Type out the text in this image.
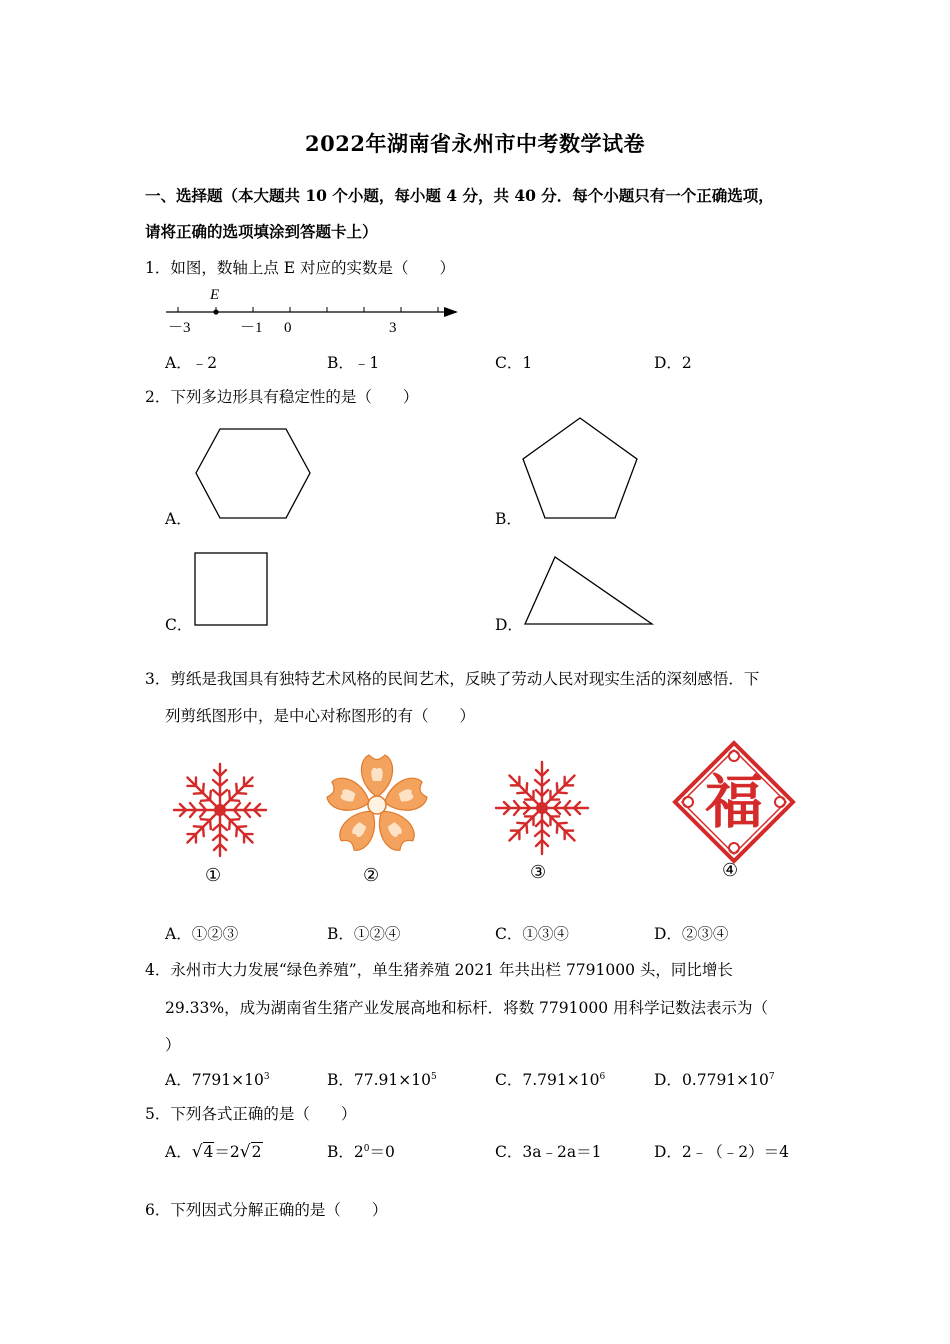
2022年湖南省永州市中考数学试卷
一、选择题（本大题共 10 个小题，每小题 4 分，共 40 分．每个小题只有一个正确选项，
请将正确的选项填涂到答题卡上）
1．如图，数轴上点 E 对应的实数是（　　）
E
－3	－1 0	3
A．﹣2	B．﹣1	C．1	D．2
2．下列多边形具有稳定性的是（　　）
A．	B．
C．	D．
3．剪纸是我国具有独特艺术风格的民间艺术，反映了劳动人民对现实生活的深刻感悟．下
列剪纸图形中，是中心对称图形的有（　　）
①	②	③
福
④
A．①②③	B．①②④	C．①③④	D．②③④
4．永州市大力发展“绿色养殖”，单生猪养殖 2021 年共出栏 7791000 头，同比增长
29.33%，成为湖南省生猪产业发展高地和标杆．将数 7791000 用科学记数法表示为（
）
A．$7791\times 10^3$	B．$77.91\times 10^5$	C．$7.791\times 10^6$	D．$0.7791\times 10^7$
5．下列各式正确的是（　　）
A．√4＝2√2	B．$2^0=0$	C．3a﹣2a＝1	D．2﹣（﹣2）＝4
6．下列因式分解正确的是（　　）
